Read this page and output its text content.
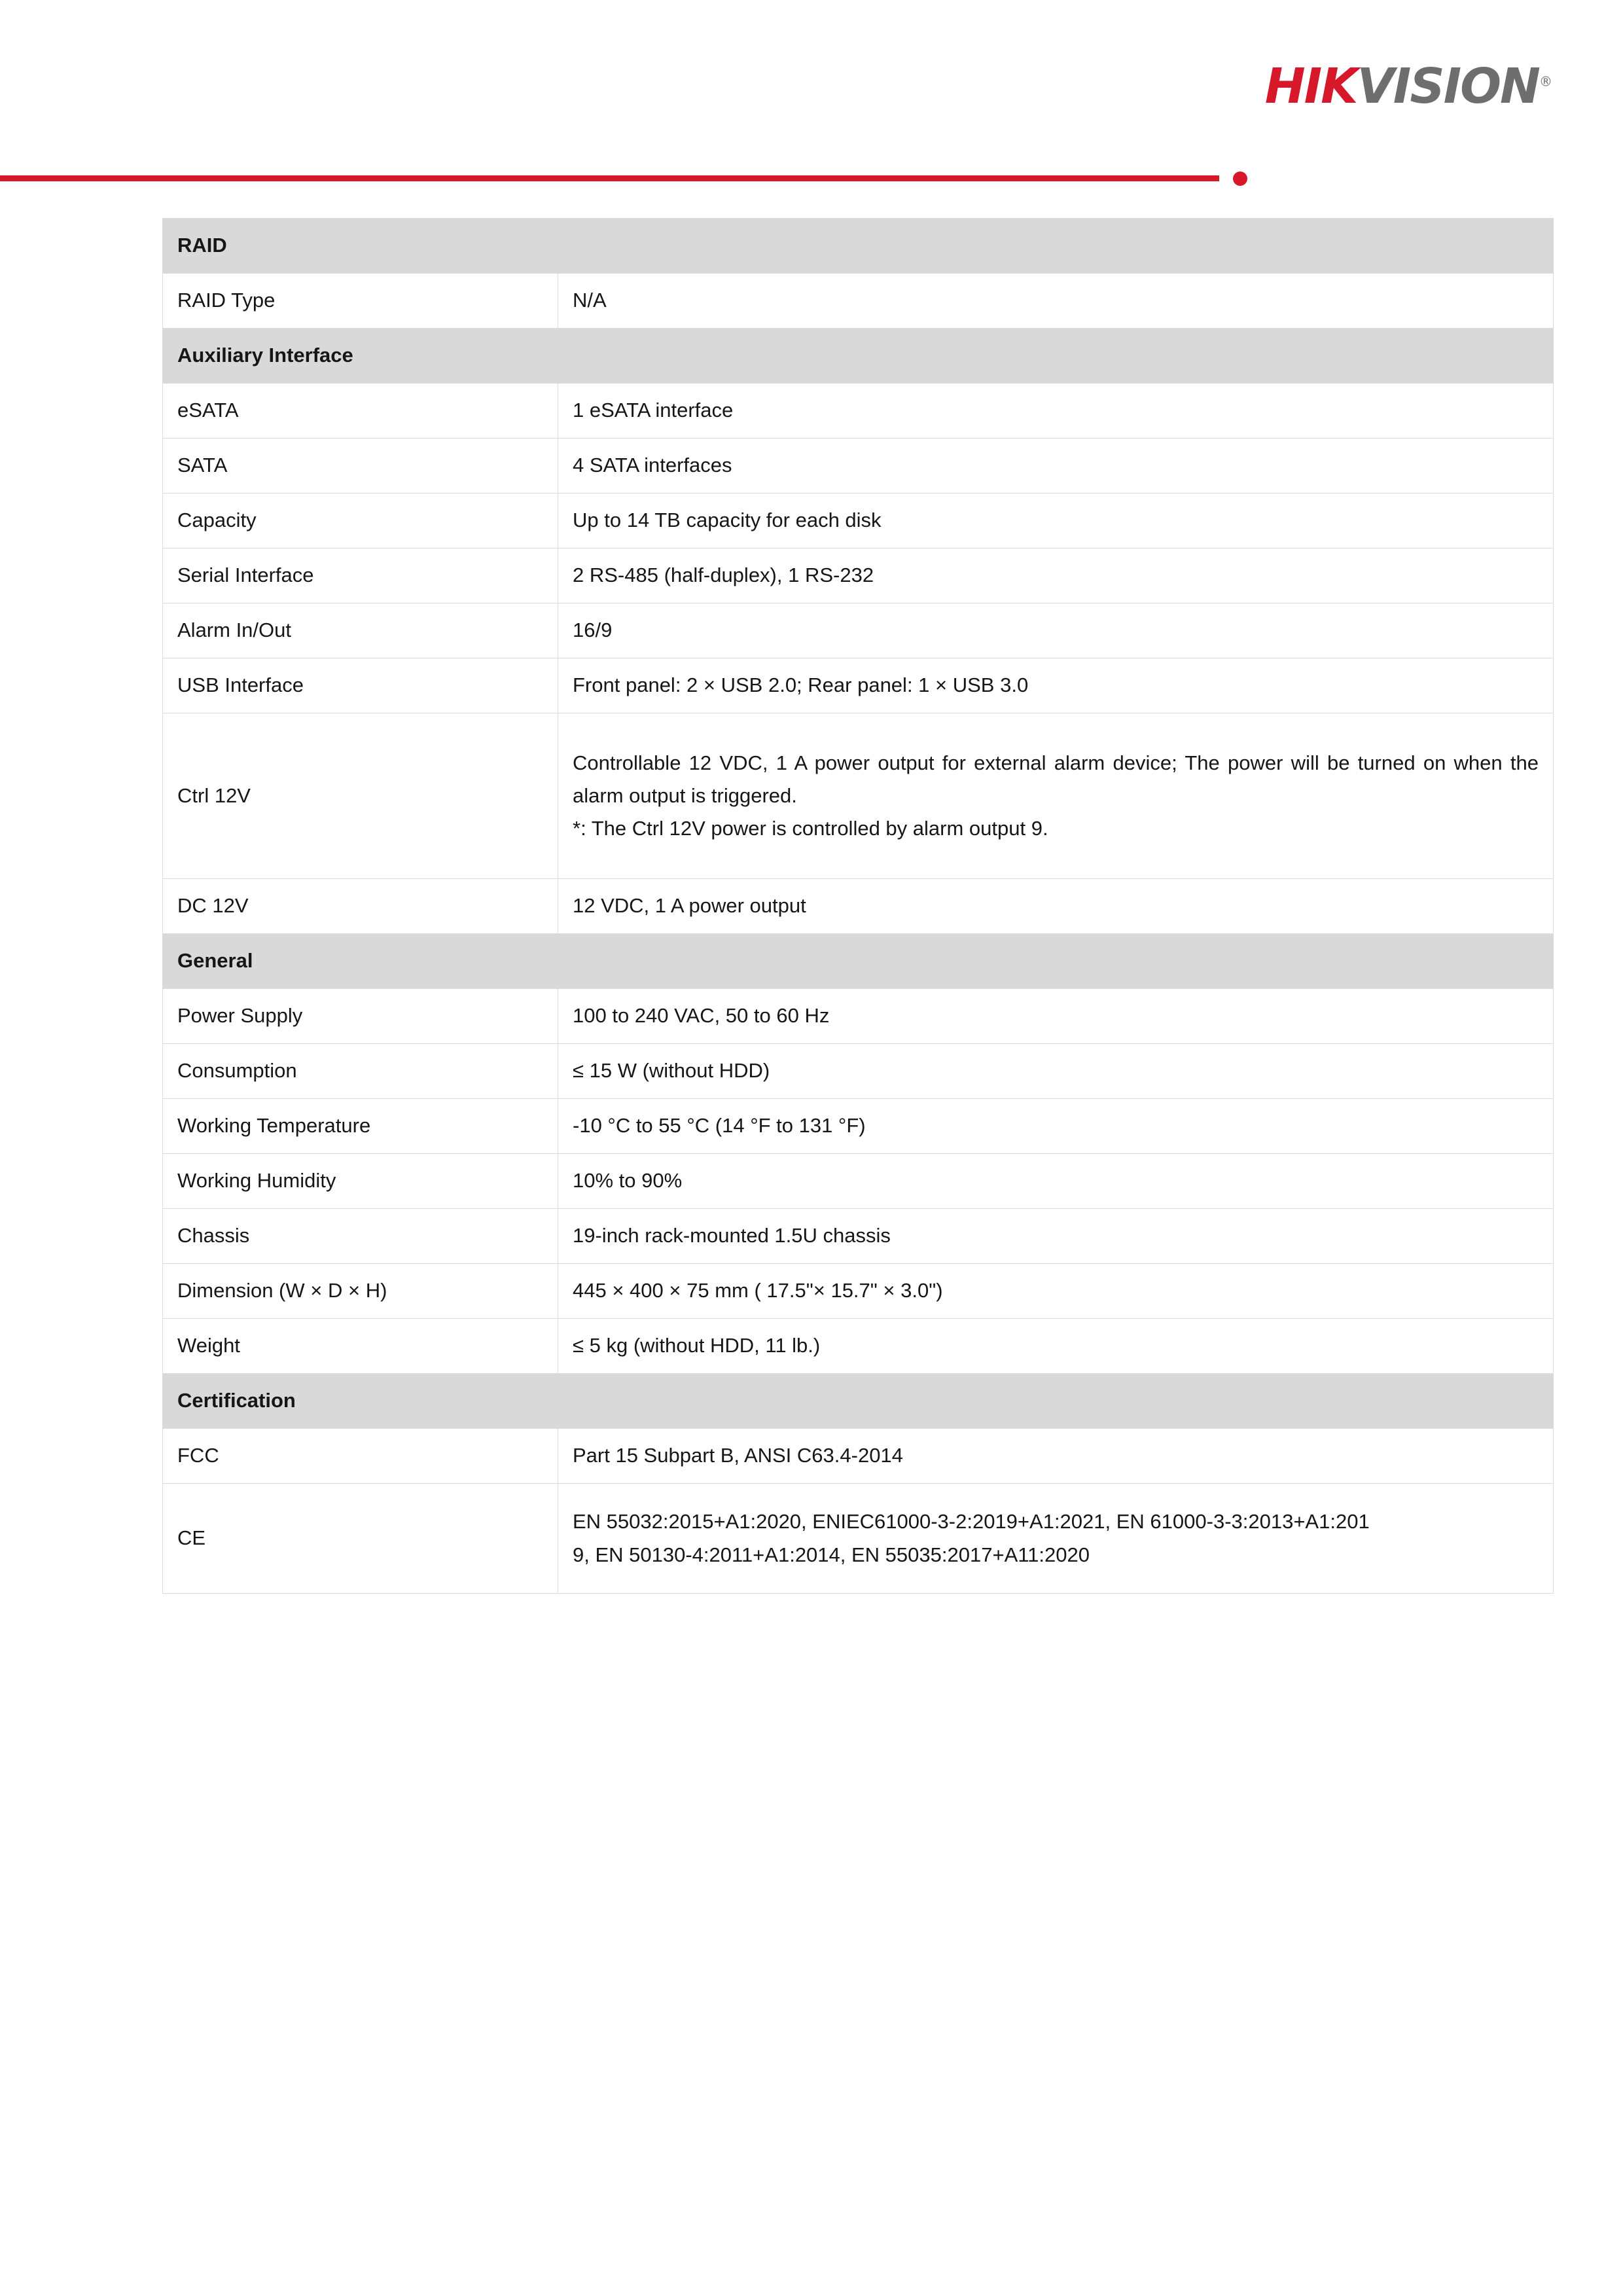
HIKVISION®
RAID	
RAID Type	N/A
Auxiliary Interface	
eSATA	1 eSATA interface
SATA	4 SATA interfaces
Capacity	Up to 14 TB capacity for each disk
Serial Interface	2 RS-485 (half-duplex), 1 RS-232
Alarm In/Out	16/9
USB Interface	Front panel: 2 × USB 2.0; Rear panel: 1 × USB 3.0
Ctrl 12V	Controllable 12 VDC, 1 A power output for external alarm device; The power will be turned on when the alarm output is triggered.

*: The Ctrl 12V power is controlled by alarm output 9.

DC 12V	12 VDC, 1 A power output
General	
Power Supply	100 to 240 VAC, 50 to 60 Hz
Consumption	≤ 15 W (without HDD)
Working Temperature	-10 °C to 55 °C (14 °F to 131 °F)
Working Humidity	10% to 90%
Chassis	19-inch rack-mounted 1.5U chassis
Dimension (W × D × H)	445 × 400 × 75 mm ( 17.5"× 15.7" × 3.0")
Weight	≤ 5 kg (without HDD, 11 lb.)
Certification	
FCC	Part 15 Subpart B, ANSI C63.4-2014
CE	EN 55032:2015+A1:2020, ENIEC61000-3-2:2019+A1:2021, EN 61000-3-3:2013+A1:201

9, EN 50130-4:2011+A1:2014, EN 55035:2017+A11:2020
